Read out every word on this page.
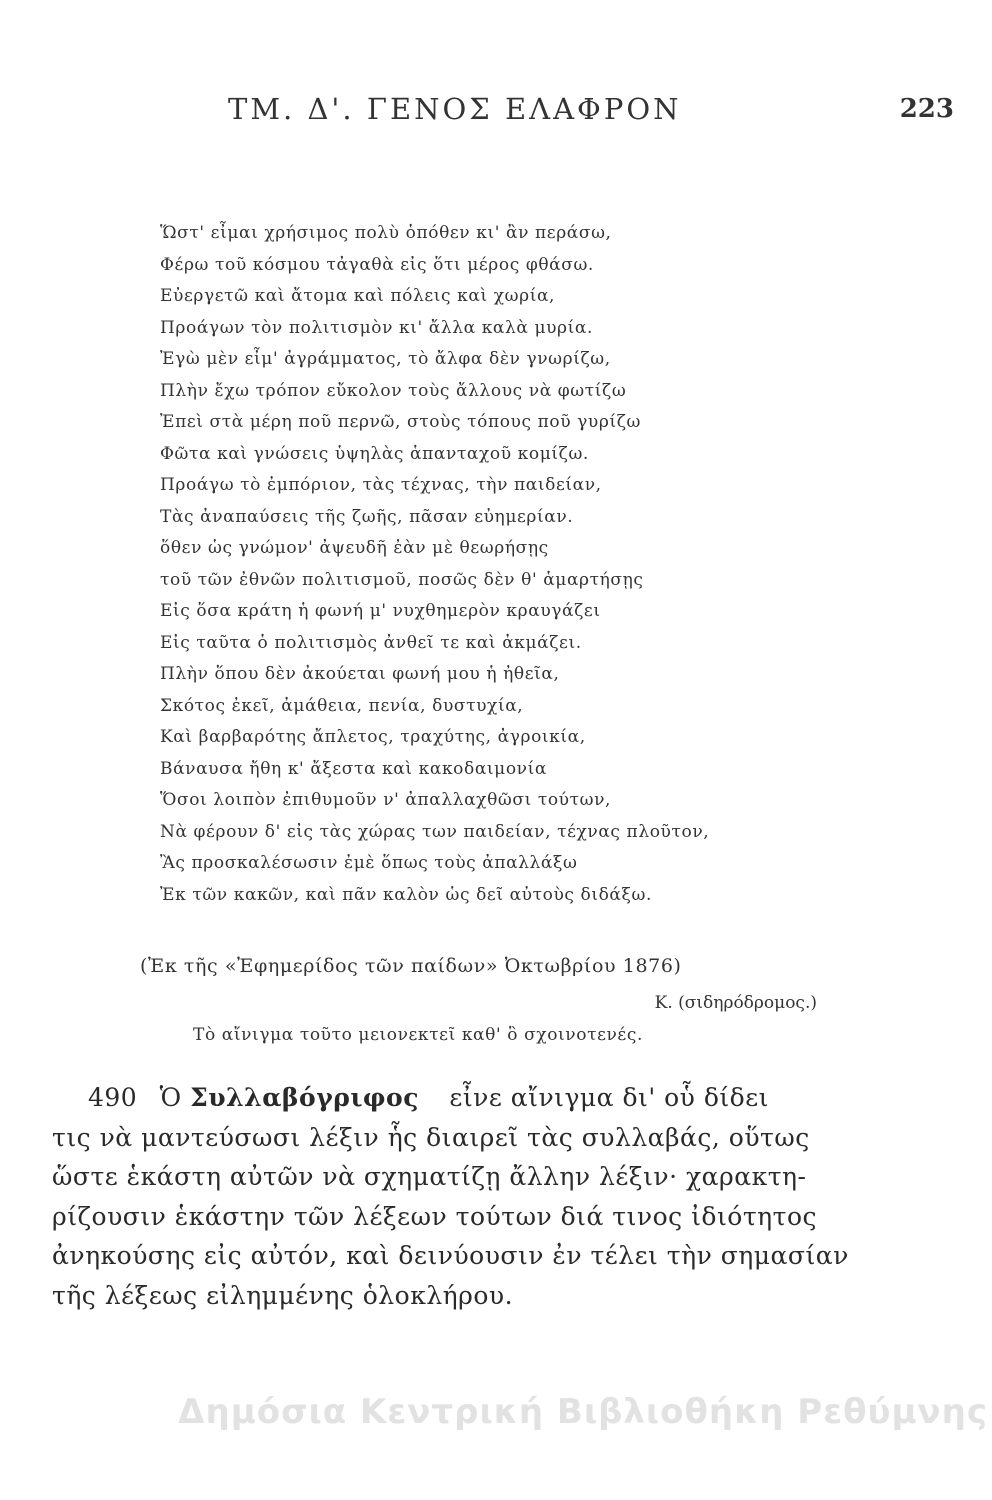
ΤΜ. Δ'. ΓΕΝΟΣ ΕΛΑΦΡΟΝ	223
Ὥστ' εἶμαι χρήσιμος πολὺ ὁπόθεν κι' ἂν περάσω,
Φέρω τοῦ κόσμου τἀγαθὰ εἰς ὅτι μέρος φθάσω.
Εὐεργετῶ καὶ ἄτομα καὶ πόλεις καὶ χωρία,
Προάγων τὸν πολιτισμὸν κι' ἄλλα καλὰ μυρία.
Ἐγὼ μὲν εἶμ' ἀγράμματος, τὸ ἄλφα δὲν γνωρίζω,
Πλὴν ἔχω τρόπον εὔκολον τοὺς ἄλλους νὰ φωτίζω
Ἐπεὶ στὰ μέρη ποῦ περνῶ, στοὺς τόπους ποῦ γυρίζω
Φῶτα καὶ γνώσεις ὑψηλὰς ἁπανταχοῦ κομίζω.
Προάγω τὸ ἐμπόριον, τὰς τέχνας, τὴν παιδείαν,
Τὰς ἀναπαύσεις τῆς ζωῆς, πᾶσαν εὐημερίαν.
ὅθεν ὡς γνώμον' ἀψευδῆ ἐὰν μὲ θεωρήσῃς
τοῦ τῶν ἐθνῶν πολιτισμοῦ, ποσῶς δὲν θ' ἁμαρτήσῃς
Εἰς ὅσα κράτη ἡ φωνή μ' νυχθημερὸν κραυγάζει
Εἰς ταῦτα ὁ πολιτισμὸς ἀνθεῖ τε καὶ ἀκμάζει.
Πλὴν ὅπου δὲν ἀκούεται φωνή μου ἡ ἠθεῖα,
Σκότος ἐκεῖ, ἀμάθεια, πενία, δυστυχία,
Καὶ βαρβαρότης ἄπλετος, τραχύτης, ἀγροικία,
Βάναυσα ἤθη κ' ἄξεστα καὶ κακοδαιμονία
Ὅσοι λοιπὸν ἐπιθυμοῦν ν' ἀπαλλαχθῶσι τούτων,
Νὰ φέρουν δ' εἰς τὰς χώρας των παιδείαν, τέχνας πλοῦτον,
Ἂς προσκαλέσωσιν ἐμὲ ὅπως τοὺς ἀπαλλάξω
Ἐκ τῶν κακῶν, καὶ πᾶν καλὸν ὡς δεῖ αὐτοὺς διδάξω.
(Ἐκ τῆς «Ἐφημερίδος τῶν παίδων» Ὀκτωβρίου 1876)
Κ. (σιδηρόδρομος.)
Τὸ αἴνιγμα τοῦτο μειονεκτεῖ καθ' ὃ σχοινοτενές.
490 Ὁ Συλλαβόγριφος εἶνε αἴνιγμα δι' οὗ δίδει
τις νὰ μαντεύσωσι λέξιν ἧς διαιρεῖ τὰς συλλαβάς, οὕτως
ὥστε ἑκάστη αὐτῶν νὰ σχηματίζῃ ἄλλην λέξιν· χαρακτη-
ρίζουσιν ἑκάστην τῶν λέξεων τούτων διά τινος ἰδιότητος
ἀνηκούσης εἰς αὐτόν, καὶ δεινύουσιν ἐν τέλει τὴν σημασίαν
τῆς λέξεως εἰλημμένης ὁλοκλήρου.
Δημόσια Κεντρική Βιβλιοθήκη Ρεθύμνης
